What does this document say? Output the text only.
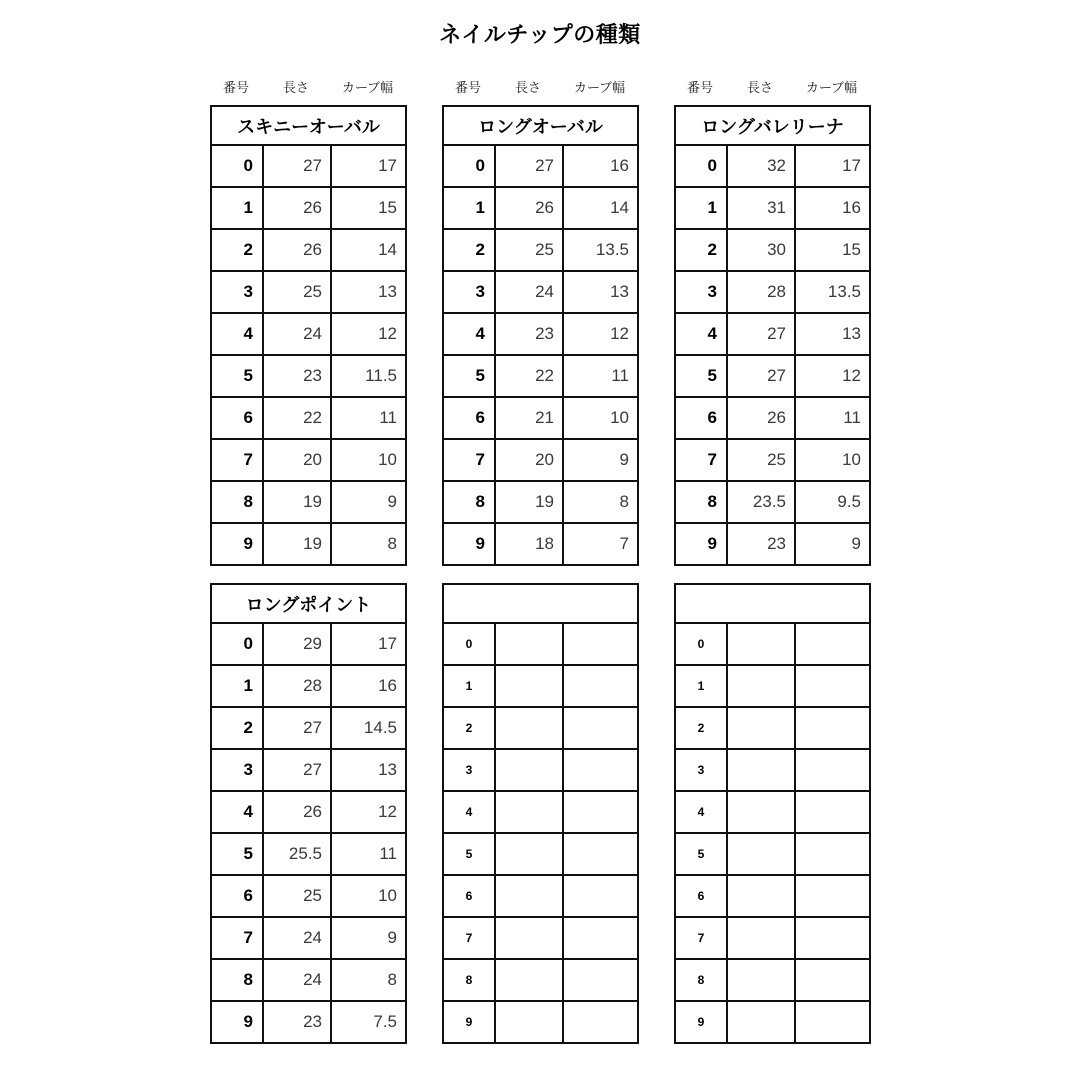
ネイルチップの種類
番号	長さ	カーブ幅
スキニーオーバル		
0	27	17
1	26	15
2	26	14
3	25	13
4	24	12
5	23	11.5
6	22	11
7	20	10
8	19	9
9	19	8
番号	長さ	カーブ幅
ロングオーバル		
0	27	16
1	26	14
2	25	13.5
3	24	13
4	23	12
5	22	11
6	21	10
7	20	9
8	19	8
9	18	7
番号	長さ	カーブ幅
ロングバレリーナ		
0	32	17
1	31	16
2	30	15
3	28	13.5
4	27	13
5	27	12
6	26	11
7	25	10
8	23.5	9.5
9	23	9
ロングポイント		
0	29	17
1	28	16
2	27	14.5
3	27	13
4	26	12
5	25.5	11
6	25	10
7	24	9
8	24	8
9	23	7.5

0		
1		
2		
3		
4		
5		
6		
7		
8		
9		

0		
1		
2		
3		
4		
5		
6		
7		
8		
9		
